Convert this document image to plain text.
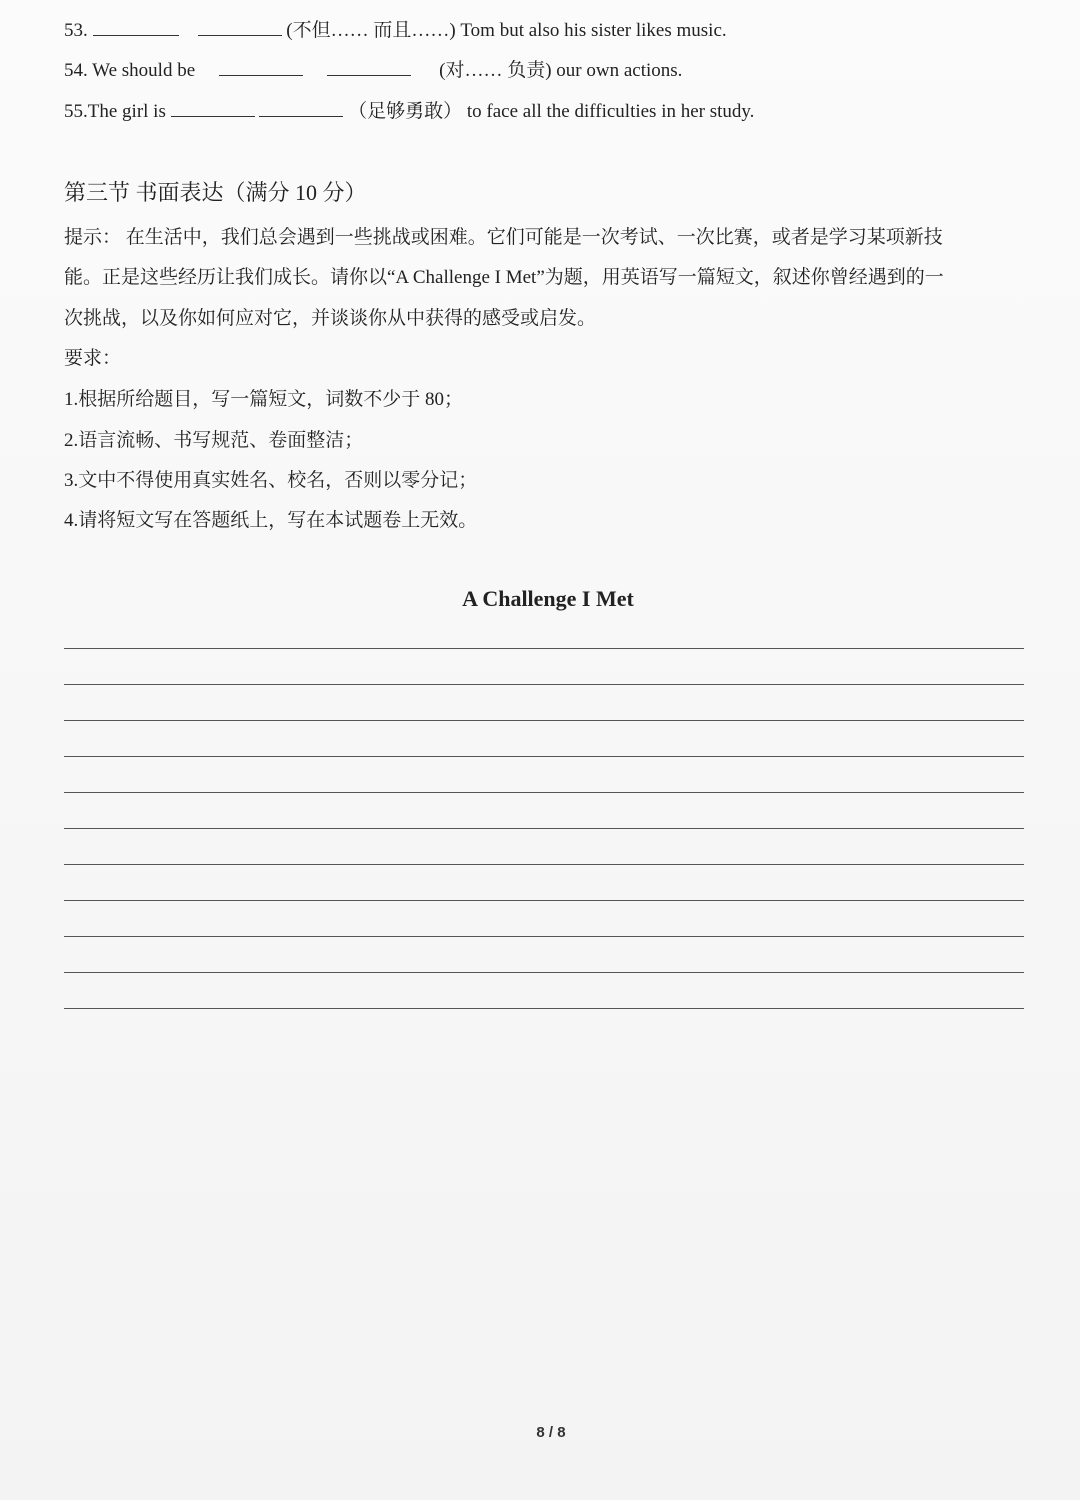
53.	(不但…… 而且……) Tom but also his sister likes music.
54. We should be	(对…… 负责) our own actions.
55.The girl is	（足够勇敢） to face all the difficulties in her study.
第三节 书面表达（满分 10 分）
提示： 在生活中，我们总会遇到一些挑战或困难。它们可能是一次考试、一次比赛，或者是学习某项新技
能。正是这些经历让我们成长。请你以“A Challenge I Met”为题，用英语写一篇短文，叙述你曾经遇到的一
次挑战，以及你如何应对它，并谈谈你从中获得的感受或启发。
要求：
1.根据所给题目，写一篇短文，词数不少于 80；
2.语言流畅、书写规范、卷面整洁；
3.文中不得使用真实姓名、校名，否则以零分记；
4.请将短文写在答题纸上，写在本试题卷上无效。
A Challenge I Met
8 / 8
